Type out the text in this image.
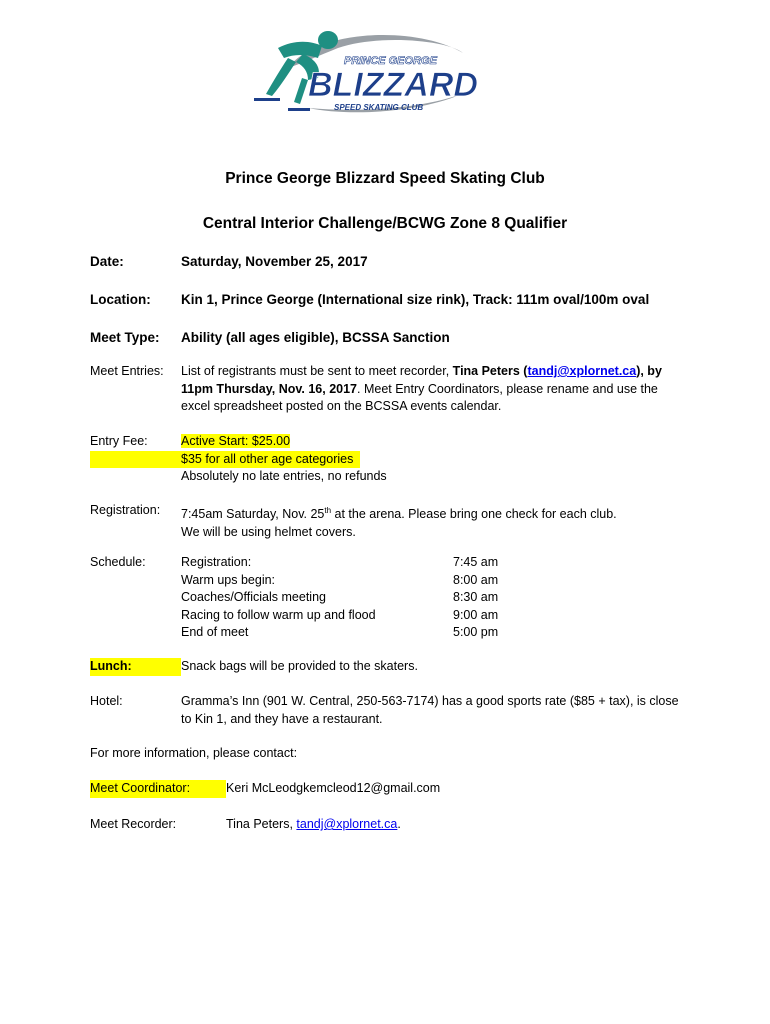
PRINCE GEORGE
BLIZZARD
SPEED SKATING CLUB
Prince George Blizzard Speed Skating Club
Central Interior Challenge/BCWG Zone 8 Qualifier
Date:	Saturday, November 25, 2017
Location: Kin 1, Prince George (International size rink), Track: 111m oval/100m oval
Meet Type: Ability (all ages eligible), BCSSA Sanction
Meet Entries: List of registrants must be sent to meet recorder, Tina Peters (tandj@xplornet.ca), by
11pm Thursday, Nov. 16, 2017. Meet Entry Coordinators, please rename and use the
excel spreadsheet posted on the BCSSA events calendar.
Entry Fee:	Active Start: $25.00

$35 for all other age categories
Absolutely no late entries, no refunds
Registration: 7:45am Saturday, Nov. 25th at the arena. Please bring one check for each club.
We will be using helmet covers.
Schedule:	Registration:	7:45 am
Warm ups begin:	8:00 am
Coaches/Officials meeting	8:30 am
Racing to follow warm up and flood	9:00 am
End of meet	5:00 pm
Lunch:	Snack bags will be provided to the skaters.
Hotel:	Gramma’s Inn (901 W. Central, 250-563-7174) has a good sports rate ($85 + tax), is close
to Kin 1, and they have a restaurant.
For more information, please contact:
Meet Coordinator:	Keri McLeodgkemcleod12@gmail.com
Meet Recorder:	Tina Peters, tandj@xplornet.ca.
